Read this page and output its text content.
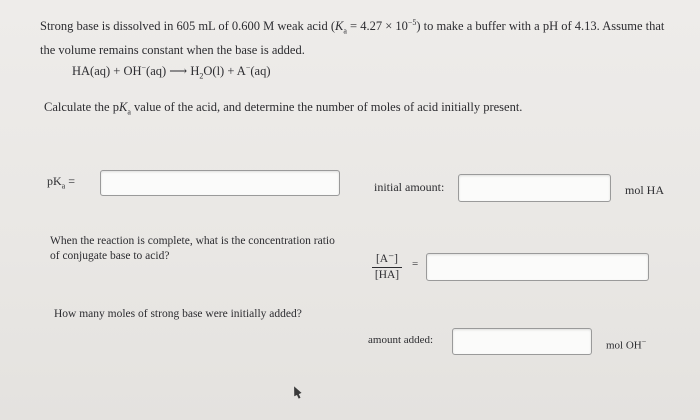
Strong base is dissolved in 605 mL of 0.600 M weak acid $(K_a = 4.27 \times 10^{-5})$ to make a buffer with a pH of 4.13. Assume that
the volume remains constant when the base is added.
HA(aq) + OH−(aq) ⟶ $H_2O(l) + A^-(aq)$
Calculate the $pK_a$ value of the acid, and determine the number of moles of acid initially present.
$pK_a$ =	initial amount:	mol HA
When the reaction is complete, what is the concentration ratio
of conjugate base to acid?	$\frac{[A^-]}{[HA]}$ =
How many moles of strong base were initially added?
amount added:	mol OH−
